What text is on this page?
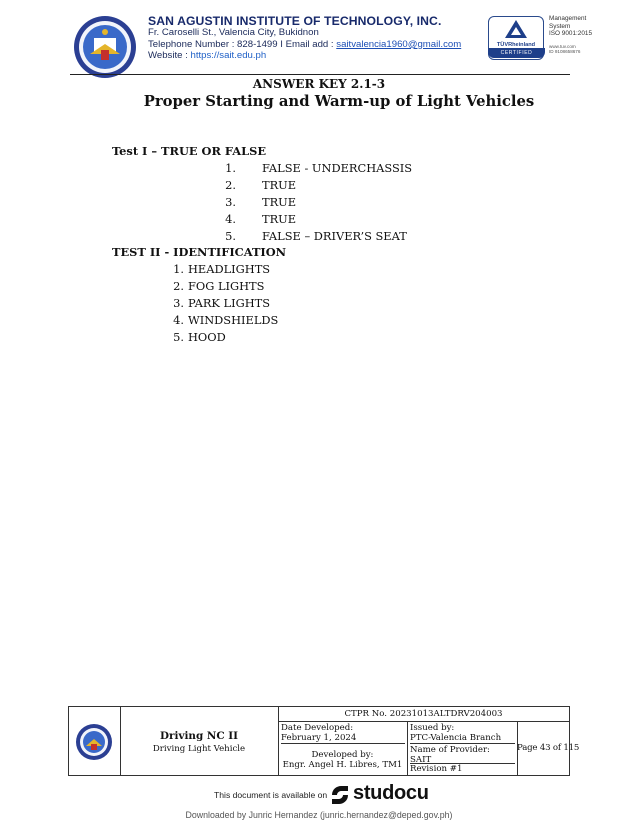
SAN AGUSTIN INSTITUTE OF TECHNOLOGY, INC.
Fr. Caroselli St., Valencia City, Bukidnon
Telephone Number : 828-1499 I Email add : saitvalencia1960@gmail.com
Website : https://sait.edu.ph
TÜVRheinland
CERTIFIED
Management
System
ISO 9001:2015
www.tuv.com
ID 9108658676
ANSWER KEY 2.1-3
Proper Starting and Warm-up of Light Vehicles
Test I – TRUE OR FALSE
1. FALSE - UNDERCHASSIS
2. TRUE
3. TRUE
4. TRUE
5. FALSE – DRIVER’S SEAT
TEST II - IDENTIFICATION
1. HEADLIGHTS
2. FOG LIGHTS
3. PARK LIGHTS
4. WINDSHIELDS
5. HOOD
Driving NC II
Driving Light Vehicle
CTPR No. 20231013ALTDRV204003
Date Developed:
February 1, 2024
Developed by:
Engr. Angel H. Libres, TM1
Issued by:
PTC-Valencia Branch
Name of Provider:
SAIT
Revision #1
Page 43 of 115
This document is available on studocu
Downloaded by Junric Hernandez (junric.hernandez@deped.gov.ph)
